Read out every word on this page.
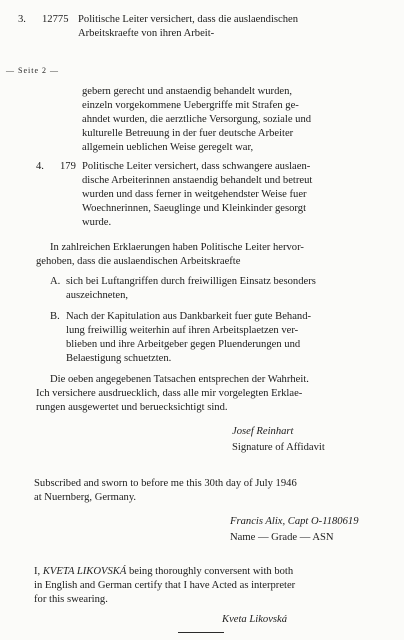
3. 12775 Politische Leiter versichert, dass die auslaendischen
Arbeitskraefte von ihren Arbeit-
— Seite 2 —
gebern gerecht und anstaendig behandelt wurden,
einzeln vorgekommene Uebergriffe mit Strafen ge-
ahndet wurden, die aerztliche Versorgung, soziale und
kulturelle Betreuung in der fuer deutsche Arbeiter
allgemein ueblichen Weise geregelt war,
4. 179 Politische Leiter versichert, dass schwangere auslaen-
dische Arbeiterinnen anstaendig behandelt und betreut
wurden und dass ferner in weitgehendster Weise fuer
Woechnerinnen, Saeuglinge und Kleinkinder gesorgt
wurde.
In zahlreichen Erklaerungen haben Politische Leiter hervor-
gehoben, dass die auslaendischen Arbeitskraefte
A. sich bei Luftangriffen durch freiwilligen Einsatz besonders
auszeichneten,
B. Nach der Kapitulation aus Dankbarkeit fuer gute Behand-
lung freiwillig weiterhin auf ihren Arbeitsplaetzen ver-
blieben und ihre Arbeitgeber gegen Pluenderungen und
Belaestigung schuetzten.
Die oeben angegebenen Tatsachen entsprechen der Wahrheit.
Ich versichere ausdruecklich, dass alle mir vorgelegten Erklae-
rungen ausgewertet und beruecksichtigt sind.
Josef Reinhart
Signature of Affidavit
Subscribed and sworn to before me this 30th day of July 1946
at Nuernberg, Germany.
Francis Alix, Capt O-1180619
Name — Grade — ASN
I, KVETA LIKOVSKÁ being thoroughly conversent with both
in English and German certify that I have Acted as interpreter
for this swearing.
Kveta Likovská
